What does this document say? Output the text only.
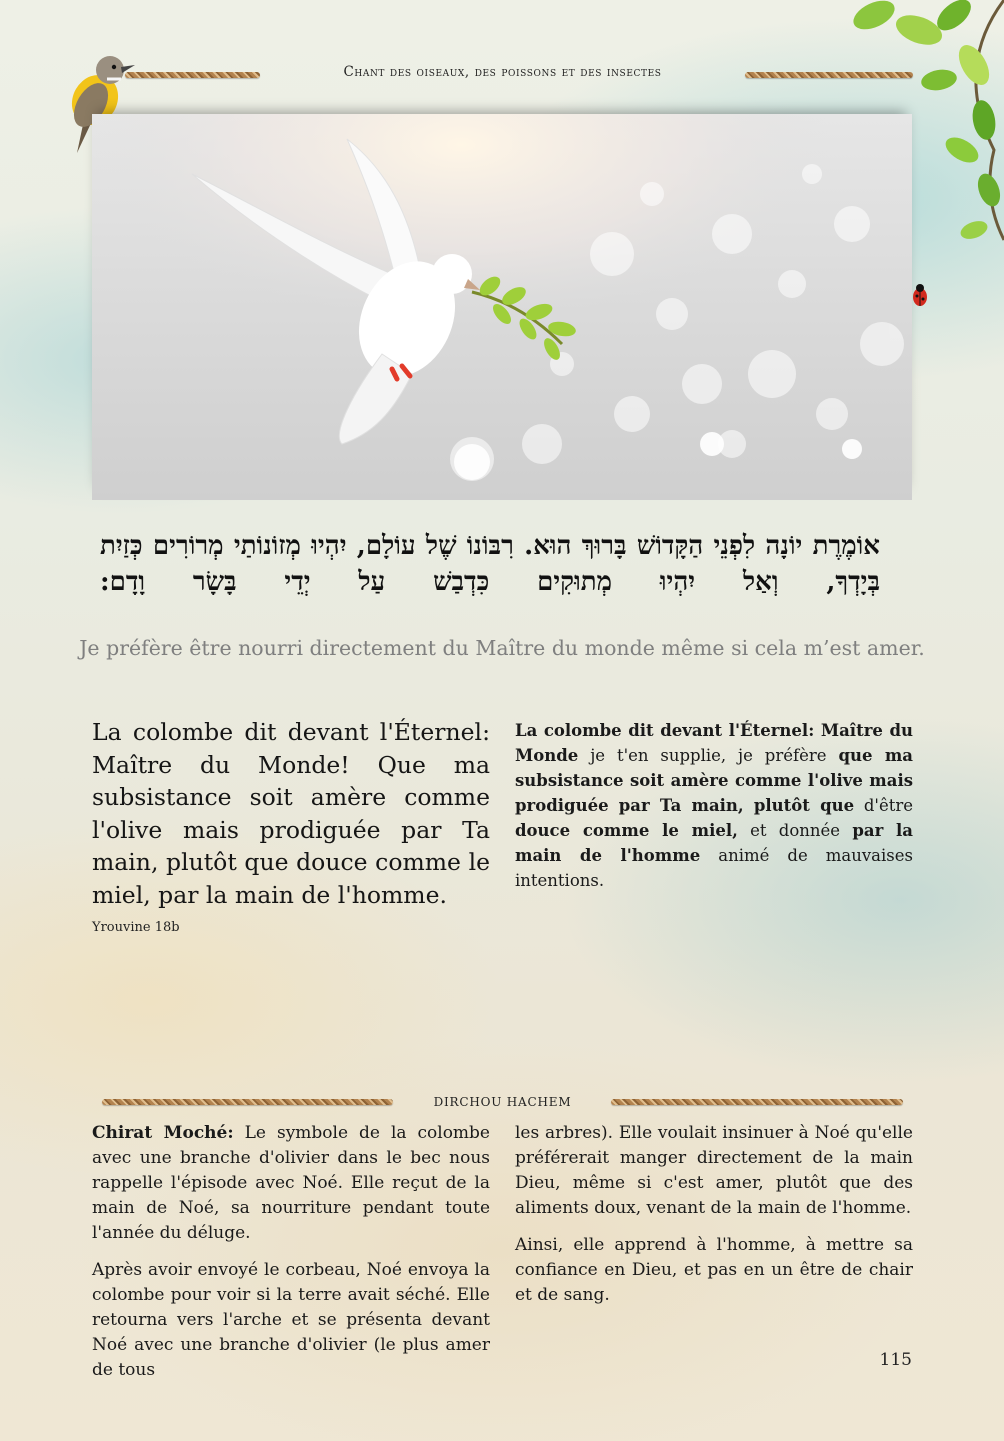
Chant des oiseaux, des poissons et des insectes
אוֹמֶרֶת יוֹנָה לִפְנֵי הַקָּדוֹשׁ בָּרוּךְ הוּא. רִבּוֹנוֹ שֶׁל עוֹלָם, יִהְיוּ מְזוֹנוֹתַי מְרוֹרִים כְּזַיִת בְּיָדְךָ, וְאַל יִהְיוּ מְתוּקִים כִּדְבַשׁ עַל יְדֵי בָּשָׂר וָדָם:
Je préfère être nourri directement du Maître du monde même si cela m’est amer.
La colombe dit devant l'Éternel: Maître du Monde! Que ma subsistance soit amère comme l'olive mais prodiguée par Ta main, plutôt que douce comme le miel, par la main de l'homme.
Yrouvine 18b
La colombe dit devant l'Éternel: Maître du Monde je t'en supplie, je préfère que ma subsistance soit amère comme l'olive mais prodiguée par Ta main, plutôt que d'être douce comme le miel, et donnée par la main de l'homme animé de mauvaises intentions.
DIRCHOU HACHEM

Chirat Moché: Le symbole de la colombe avec une branche d'olivier dans le bec nous rappelle l'épisode avec Noé. Elle reçut de la main de Noé, sa nourriture pendant toute l'année du déluge.

Après avoir envoyé le corbeau, Noé envoya la colombe pour voir si la terre avait séché. Elle retourna vers l'arche et se présenta devant Noé avec une branche d'olivier (le plus amer de tous

les arbres). Elle voulait insinuer à Noé qu'elle préférerait manger directement de la main Dieu, même si c'est amer, plutôt que des aliments doux, venant de la main de l'homme.

Ainsi, elle apprend à l'homme, à mettre sa confiance en Dieu, et pas en un être de chair et de sang.

115
